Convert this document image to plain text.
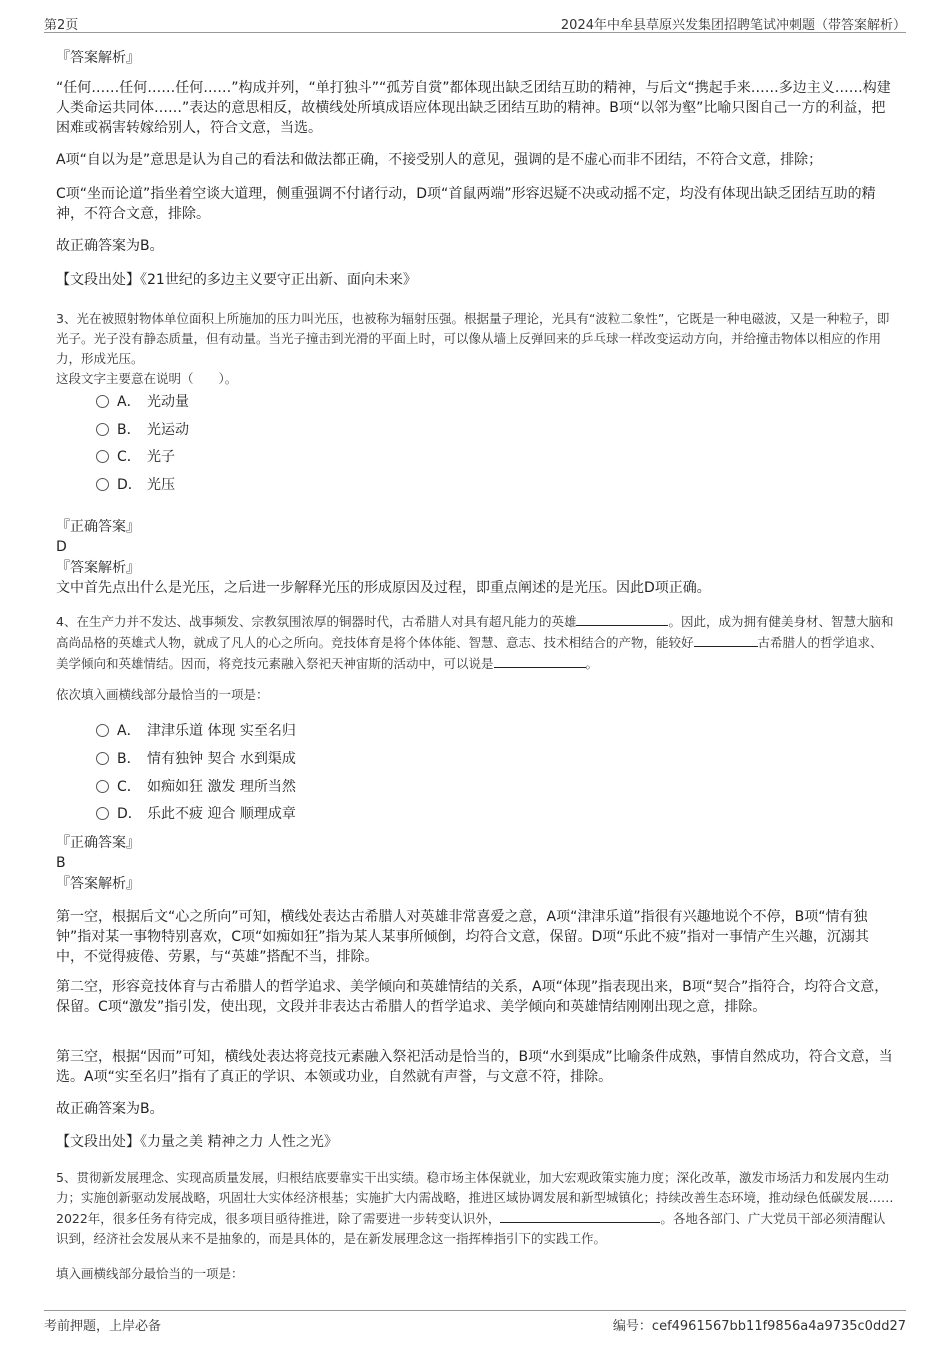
第2页	2024年中牟县草原兴发集团招聘笔试冲刺题（带答案解析）

『答案解析』

“任何……任何……任何……”构成并列，“单打独斗”“孤芳自赏”都体现出缺乏团结互助的精神，与后文“携起手来……多边主义……构建人类命运共同体……”表达的意思相反，故横线处所填成语应体现出缺乏团结互助的精神。B项“以邻为壑”比喻只图自己一方的利益，把困难或祸害转嫁给别人，符合文意，当选。

A项“自以为是”意思是认为自己的看法和做法都正确，不接受别人的意见，强调的是不虚心而非不团结，不符合文意，排除；

C项“坐而论道”指坐着空谈大道理，侧重强调不付诸行动，D项“首鼠两端”形容迟疑不决或动摇不定，均没有体现出缺乏团结互助的精神，不符合文意，排除。

故正确答案为B。

【文段出处】《21世纪的多边主义要守正出新、面向未来》

3、光在被照射物体单位面积上所施加的压力叫光压，也被称为辐射压强。根据量子理论，光具有“波粒二象性”，它既是一种电磁波，又是一种粒子，即光子。光子没有静态质量，但有动量。当光子撞击到光滑的平面上时，可以像从墙上反弹回来的乒乓球一样改变运动方向，并给撞击物体以相应的作用力，形成光压。

这段文字主要意在说明（　　）。

A． 光动量
B． 光运动
C． 光子
D． 光压

『正确答案』

D

『答案解析』

文中首先点出什么是光压，之后进一步解释光压的形成原因及过程，即重点阐述的是光压。因此D项正确。

4、在生产力并不发达、战事频发、宗教氛围浓厚的铜器时代，古希腊人对具有超凡能力的英雄	。因此，成为拥有健美身材、智慧大脑和高尚品格的英雄式人物，就成了凡人的心之所向。竞技体育是将个体体能、智慧、意志、技术相结合的产物，能较好	古希腊人的哲学追求、美学倾向和英雄情结。因而，将竞技元素融入祭祀天神宙斯的活动中，可以说是	。

依次填入画横线部分最恰当的一项是：

A． 津津乐道 体现 实至名归
B． 情有独钟 契合 水到渠成
C． 如痴如狂 激发 理所当然
D． 乐此不疲 迎合 顺理成章

『正确答案』

B

『答案解析』

第一空，根据后文“心之所向”可知，横线处表达古希腊人对英雄非常喜爱之意，A项“津津乐道”指很有兴趣地说个不停，B项“情有独钟”指对某一事物特别喜欢，C项“如痴如狂”指为某人某事所倾倒，均符合文意，保留。D项“乐此不疲”指对一事情产生兴趣，沉溺其中，不觉得疲倦、劳累，与“英雄”搭配不当，排除。

第二空，形容竞技体育与古希腊人的哲学追求、美学倾向和英雄情结的关系，A项“体现”指表现出来，B项“契合”指符合，均符合文意，保留。C项“激发”指引发，使出现，文段并非表达古希腊人的哲学追求、美学倾向和英雄情结刚刚出现之意，排除。

第三空，根据“因而”可知，横线处表达将竞技元素融入祭祀活动是恰当的，B项“水到渠成”比喻条件成熟，事情自然成功，符合文意，当选。A项“实至名归”指有了真正的学识、本领或功业，自然就有声誉，与文意不符，排除。

故正确答案为B。

【文段出处】《力量之美 精神之力 人性之光》

5、贯彻新发展理念、实现高质量发展，归根结底要靠实干出实绩。稳市场主体保就业，加大宏观政策实施力度；深化改革，激发市场活力和发展内生动力；实施创新驱动发展战略，巩固壮大实体经济根基；实施扩大内需战略，推进区域协调发展和新型城镇化；持续改善生态环境，推动绿色低碳发展……2022年，很多任务有待完成，很多项目亟待推进，除了需要进一步转变认识外，	。各地各部门、广大党员干部必须清醒认识到，经济社会发展从来不是抽象的，而是具体的，是在新发展理念这一指挥棒指引下的实践工作。

填入画横线部分最恰当的一项是：

考前押题，上岸必备	编号：cef4961567bb11f9856a4a9735c0dd27
